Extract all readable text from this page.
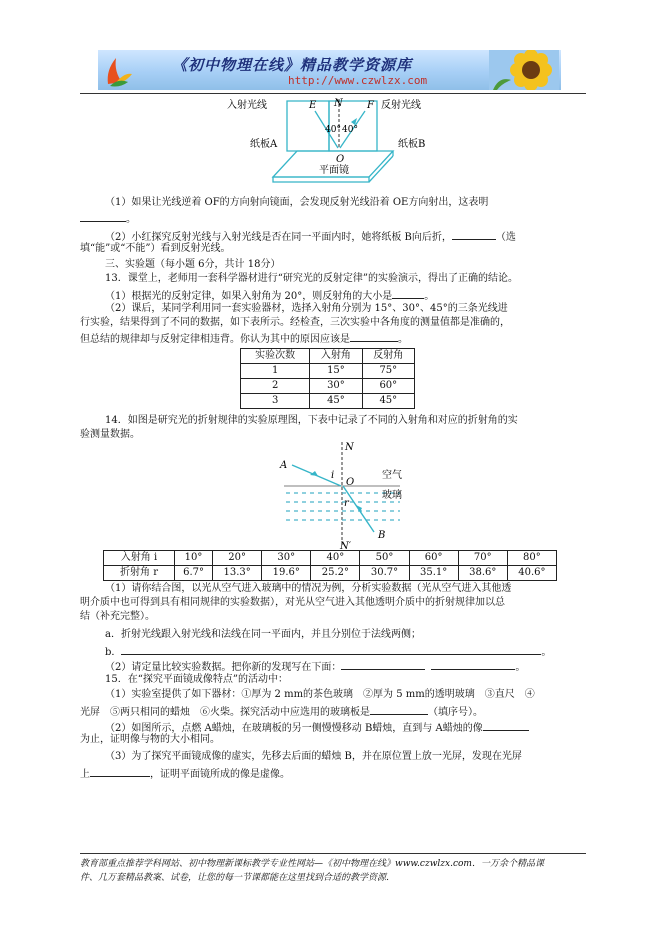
《初中物理在线》精品教学资源库
http://www.czwlzx.com
入射光线	E N F 反射光线
40° 40°
纸板A	纸板B
O
平面镜
（1）如果让光线逆着 OF的方向射向镜面，会发现反射光线沿着 OE方向射出，这表明
。
（2）小红探究反射光线与入射光线是否在同一平面内时，她将纸板 B向后折，	（选
填“能”或“不能”）看到反射光线。
三、实验题（每小题 6分，共计 18分）
13．课堂上，老师用一套科学器材进行“研究光的反射定律”的实验演示，得出了正确的结论。
（1）根据光的反射定律，如果入射角为 20°，则反射角的大小是	。
（2）课后，某同学利用同一套实验器材，选择入射角分别为 15°、30°、45°的三条光线进
行实验，结果得到了不同的数据，如下表所示。经检查，三次实验中各角度的测量值都是准确的，
但总结的规律却与反射定律相违背。你认为其中的原因应该是	。
实验次数	入射角	反射角
1	15°	75°
2	30°	60°
3	45°	45°
14．如图是研究光的折射规律的实验原理图，下表中记录了不同的入射角和对应的折射角的实
验测量数据。
A
N
i
O
空气
玻璃
r
B
N′
入射角 i	10°	20°	30°	40°	50°	60°	70°	80°
折射角 r	6.7°	13.3°	19.6°	25.2°	30.7°	35.1°	38.6°	40.6°
（1）请你结合图，以光从空气进入玻璃中的情况为例，分析实验数据（光从空气进入其他透
明介质中也可得到具有相同规律的实验数据），对光从空气进入其他透明介质中的折射规律加以总
结（补充完整）。
a．折射光线跟入射光线和法线在同一平面内，并且分别位于法线两侧；
b．	。
（2）请定量比较实验数据。把你新的发现写在下面：	。
15．在“探究平面镜成像特点”的活动中：
（1）实验室提供了如下器材：①厚为 2 mm的茶色玻璃　②厚为 5 mm的透明玻璃　③直尺　④
光屏　⑤两只相同的蜡烛　⑥火柴。探究活动中应选用的玻璃板是	（填序号）。
（2）如图所示，点燃 A蜡烛，在玻璃板的另一侧慢慢移动 B蜡烛，直到与 A蜡烛的像
为止，证明像与物的大小相同。
（3）为了探究平面镜成像的虚实，先移去后面的蜡烛 B，并在原位置上放一光屏，发现在光屏
上	，证明平面镜所成的像是虚像。
教育部重点推荐学科网站、初中物理新课标教学专业性网站—《初中物理在线》www.czwlzx.com．一万余个精品课
件、几万套精品教案、试卷，让您的每一节课都能在这里找到合适的教学资源．
